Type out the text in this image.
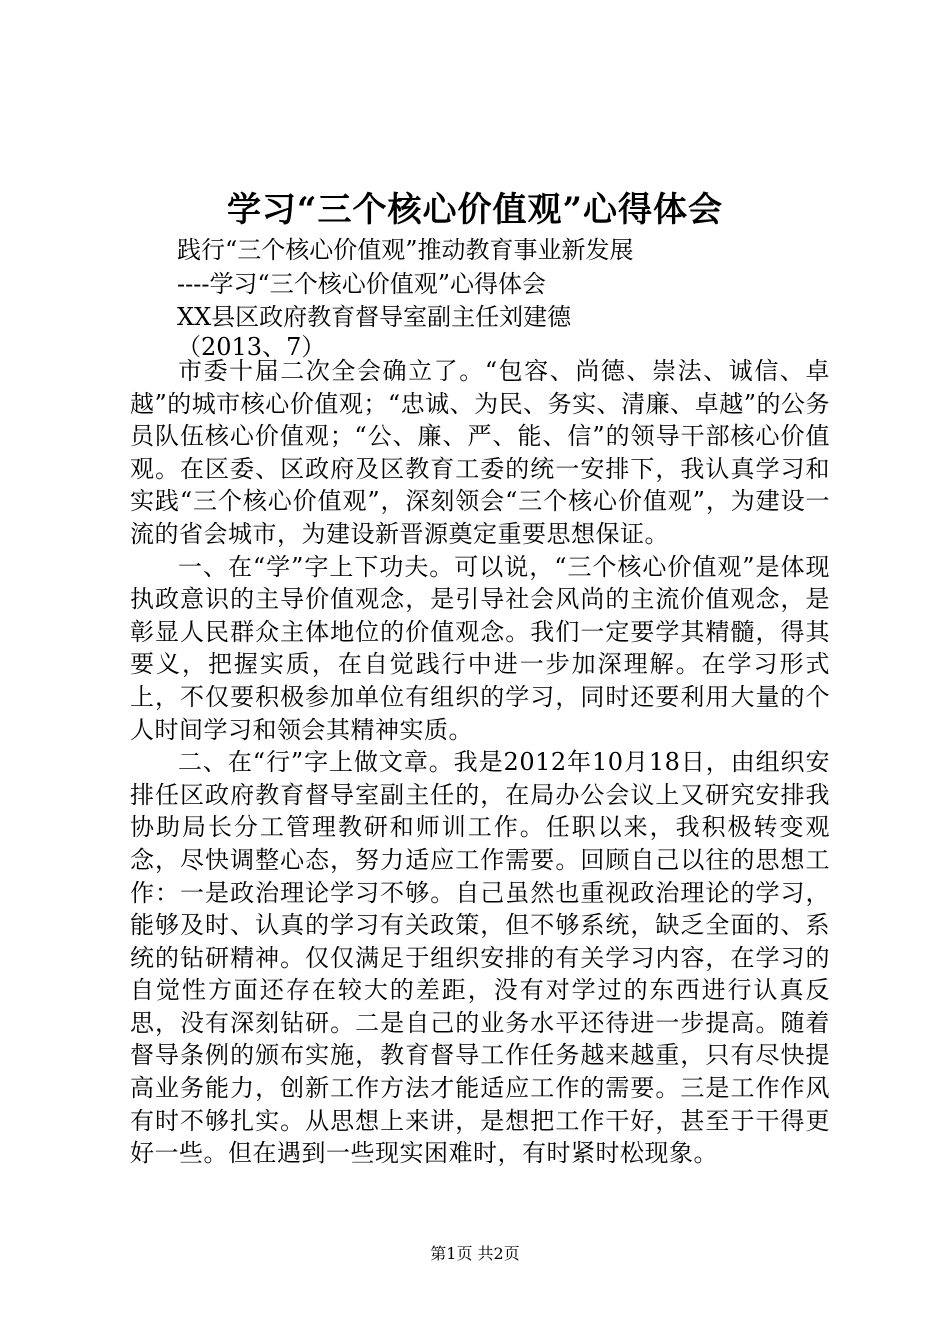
学习“三个核心价值观”心得体会
践行“三个核心价值观”推动教育事业新发展
----学习“三个核心价值观”心得体会
XX县区政府教育督导室副主任刘建德
（2013、7）

市委十届二次全会确立了。“包容、尚德、崇法、诚信、卓越”的城市核心价值观；“忠诚、为民、务实、清廉、卓越”的公务员队伍核心价值观；“公、廉、严、能、信”的领导干部核心价值观。在区委、区政府及区教育工委的统一安排下，我认真学习和实践“三个核心价值观”，深刻领会“三个核心价值观”，为建设一流的省会城市，为建设新晋源奠定重要思想保证。

一、在“学”字上下功夫。可以说，“三个核心价值观”是体现执政意识的主导价值观念，是引导社会风尚的主流价值观念，是彰显人民群众主体地位的价值观念。我们一定要学其精髓，得其要义，把握实质，在自觉践行中进一步加深理解。在学习形式上，不仅要积极参加单位有组织的学习，同时还要利用大量的个人时间学习和领会其精神实质。

二、在“行”字上做文章。我是2012年10月18日，由组织安排任区政府教育督导室副主任的，在局办公会议上又研究安排我协助局长分工管理教研和师训工作。任职以来，我积极转变观念，尽快调整心态，努力适应工作需要。回顾自己以往的思想工作：一是政治理论学习不够。自己虽然也重视政治理论的学习，能够及时、认真的学习有关政策，但不够系统，缺乏全面的、系统的钻研精神。仅仅满足于组织安排的有关学习内容，在学习的自觉性方面还存在较大的差距，没有对学过的东西进行认真反思，没有深刻钻研。二是自己的业务水平还待进一步提高。随着督导条例的颁布实施，教育督导工作任务越来越重，只有尽快提高业务能力，创新工作方法才能适应工作的需要。三是工作作风有时不够扎实。从思想上来讲，是想把工作干好，甚至于干得更好一些。但在遇到一些现实困难时，有时紧时松现象。

第1页 共2页
